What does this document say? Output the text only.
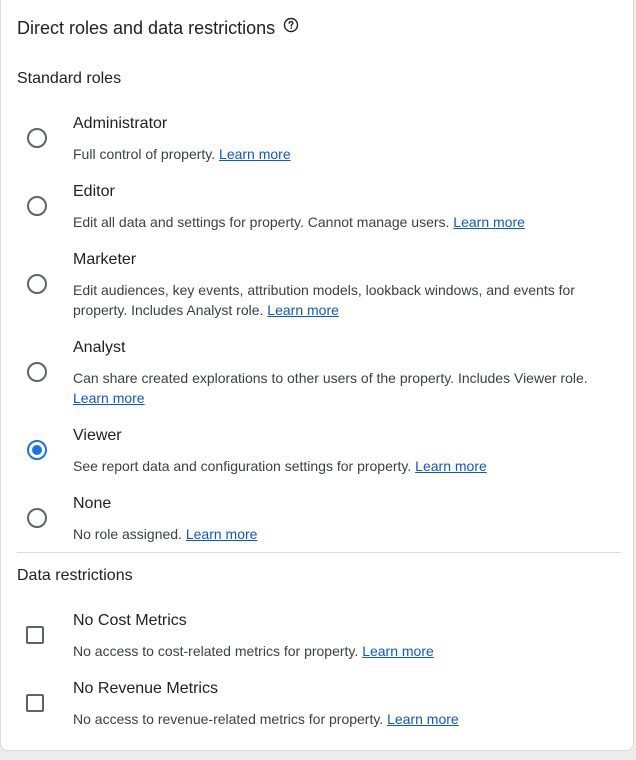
Direct roles and data restrictions
Standard roles
Administrator
Full control of property. Learn more
Editor
Edit all data and settings for property. Cannot manage users. Learn more
Marketer
Edit audiences, key events, attribution models, lookback windows, and events for property. Includes Analyst role. Learn more
Analyst
Can share created explorations to other users of the property. Includes Viewer role. Learn more
Viewer
See report data and configuration settings for property. Learn more
None
No role assigned. Learn more
Data restrictions
No Cost Metrics
No access to cost-related metrics for property. Learn more
No Revenue Metrics
No access to revenue-related metrics for property. Learn more
